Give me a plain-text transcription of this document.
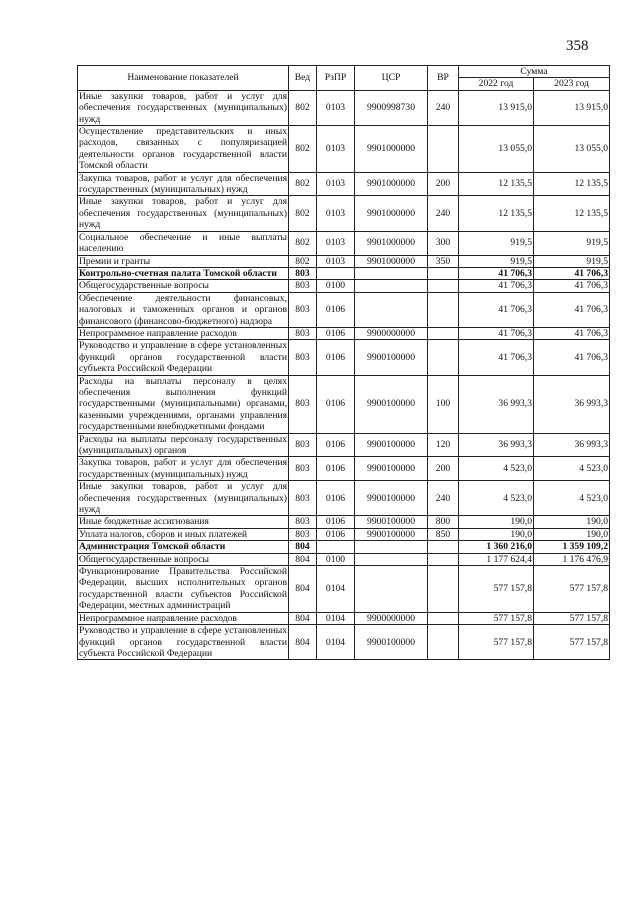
358
Наименование показателей	Вед	РзПР	ЦСР	ВР	Сумма	
					2022 год	2023 год
Иные закупки товаров, работ и услуг для обеспечения государственных (муниципальных) нужд	802	0103	9900998730	240	13 915,0	13 915,0
Осуществление представительских и иных расходов, связанных с популяризацией деятельности органов государственной власти Томской области	802	0103	9901000000		13 055,0	13 055,0
Закупка товаров, работ и услуг для обеспечения государственных (муниципальных) нужд	802	0103	9901000000	200	12 135,5	12 135,5
Иные закупки товаров, работ и услуг для обеспечения государственных (муниципальных) нужд	802	0103	9901000000	240	12 135,5	12 135,5
Социальное обеспечение и иные выплаты населению	802	0103	9901000000	300	919,5	919,5
Премии и гранты	802	0103	9901000000	350	919,5	919,5
Контрольно-счетная палата Томской области	803				41 706,3	41 706,3
Общегосударственные вопросы	803	0100			41 706,3	41 706,3
Обеспечение деятельности финансовых, налоговых и таможенных органов и органов финансового (финансово-бюджетного) надзора	803	0106			41 706,3	41 706,3
Непрограммное направление расходов	803	0106	9900000000		41 706,3	41 706,3
Руководство и управление в сфере установленных функций органов государственной власти субъекта Российской Федерации	803	0106	9900100000		41 706,3	41 706,3
Расходы на выплаты персоналу в целях обеспечения выполнения функций государственными (муниципальными) органами, казенными учреждениями, органами управления государственными внебюджетными фондами	803	0106	9900100000	100	36 993,3	36 993,3
Расходы на выплаты персоналу государственных (муниципальных) органов	803	0106	9900100000	120	36 993,3	36 993,3
Закупка товаров, работ и услуг для обеспечения государственных (муниципальных) нужд	803	0106	9900100000	200	4 523,0	4 523,0
Иные закупки товаров, работ и услуг для обеспечения государственных (муниципальных) нужд	803	0106	9900100000	240	4 523,0	4 523,0
Иные бюджетные ассигнования	803	0106	9900100000	800	190,0	190,0
Уплата налогов, сборов и иных платежей	803	0106	9900100000	850	190,0	190,0
Администрация Томской области	804				1 360 216,0	1 359 109,2
Общегосударственные вопросы	804	0100			1 177 624,4	1 176 476,9
Функционирование Правительства Российской Федерации, высших исполнительных органов государственной власти субъектов Российской Федерации, местных администраций	804	0104			577 157,8	577 157,8
Непрограммное направление расходов	804	0104	9900000000		577 157,8	577 157,8
Руководство и управление в сфере установленных функций органов государственной власти субъекта Российской Федерации	804	0104	9900100000		577 157,8	577 157,8
